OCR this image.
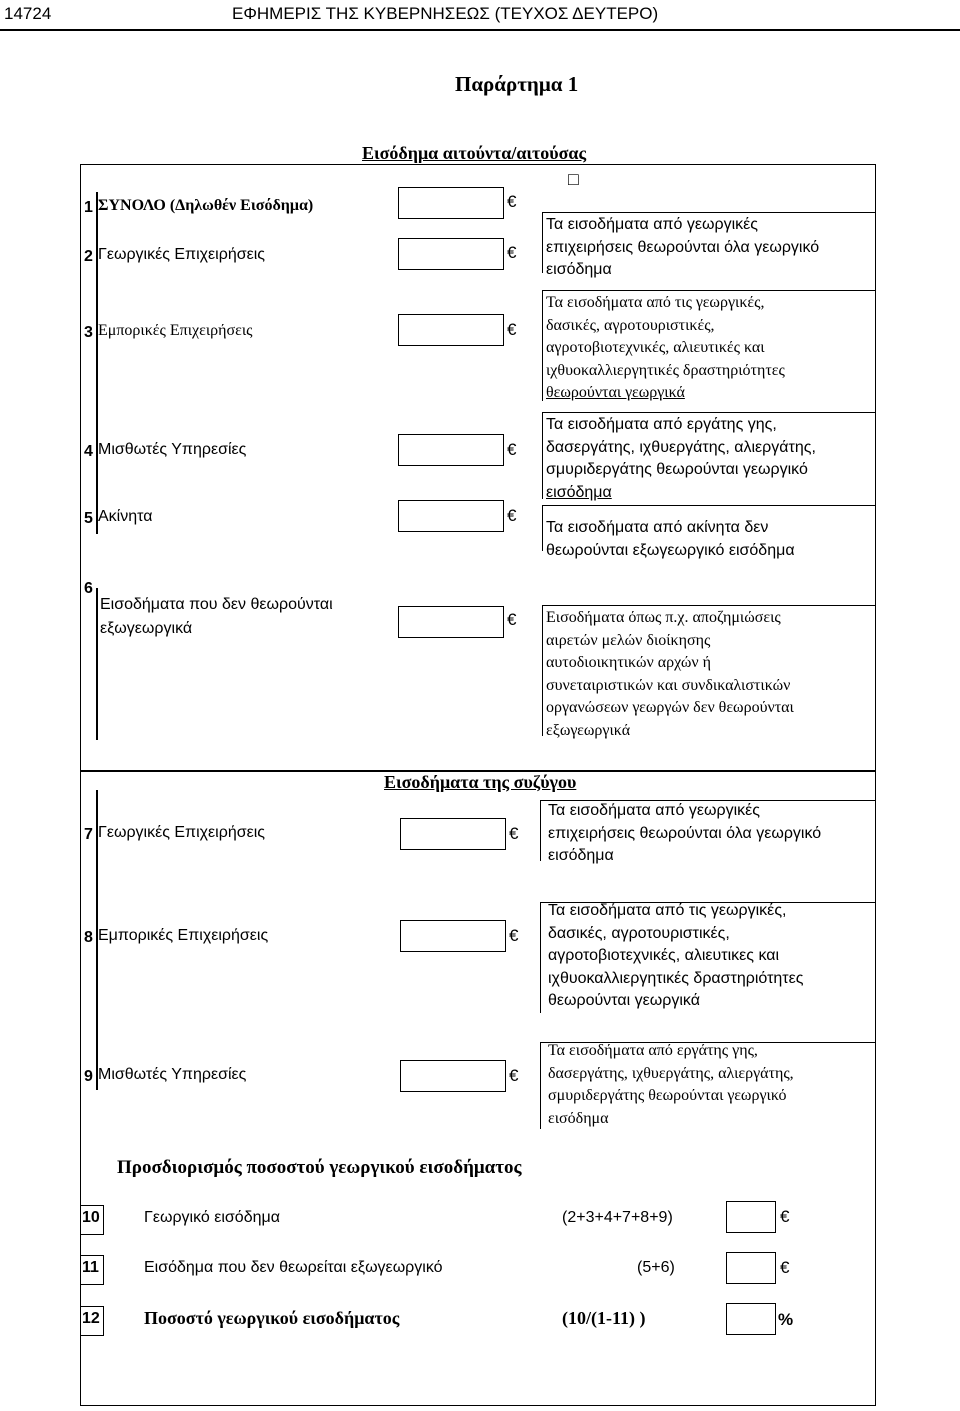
14724	ΕΦΗΜΕΡΙΣ ΤΗΣ ΚΥΒΕΡΝΗΣΕΩΣ (ΤΕΥΧΟΣ ΔΕΥΤΕΡΟ)
Παράρτημα 1
Εισόδημα αιτούντα/αιτούσας
□
1 ΣΥΝΟΛΟ (Δηλωθέν Εισόδημα)	€
2 Γεωργικές Επιχειρήσεις	€
3 Εμπορικές Επιχειρήσεις	€
4 Μισθωτές Υπηρεσίες	€
5 Ακίνητα	€
6
Εισοδήματα που δεν θεωρούνται
εξωγεωργικά	€
Τα εισοδήματα από γεωργικές
επιχειρήσεις θεωρούνται όλα γεωργικό
εισόδημα
Τα εισοδήματα από τις γεωργικές,
δασικές, αγροτουριστικές,
αγροτοβιοτεχνικές, αλιευτικές και
ιχθυοκαλλιεργητικές δραστηριότητες
θεωρούνται γεωργικά
Τα εισοδήματα από εργάτης γης,
δασεργάτης, ιχθυεργάτης, αλιεργάτης,
σμυριδεργάτης θεωρούνται γεωργικό
εισόδημα
Τα εισοδήματα από ακίνητα δεν
θεωρούνται εξωγεωργικό εισόδημα
Εισοδήματα όπως π.χ. αποζημιώσεις
αιρετών μελών διοίκησης
αυτοδιοικητικών αρχών ή
συνεταιριστικών και συνδικαλιστικών
οργανώσεων γεωργών δεν θεωρούνται
εξωγεωργικά
Εισοδήματα της συζύγου
7 Γεωργικές Επιχειρήσεις	€
8 Εμπορικές Επιχειρήσεις	€
9 Μισθωτές Υπηρεσίες	€
Τα εισοδήματα από γεωργικές
επιχειρήσεις θεωρούνται όλα γεωργικό
εισόδημα
Τα εισοδήματα από τις γεωργικές,
δασικές, αγροτουριστικές,
αγροτοβιοτεχνικές, αλιευτικες και
ιχθυοκαλλιεργητικές δραστηριότητες
θεωρούνται γεωργικά
Τα εισοδήματα από εργάτης γης,
δασεργάτης, ιχθυεργάτης, αλιεργάτης,
σμυριδεργάτης θεωρούνται γεωργικό
εισόδημα
Προσδιορισμός ποσοστού γεωργικού εισοδήματος
10	Γεωργικό εισόδημα	(2+3+4+7+8+9)	€
11	Εισόδημα που δεν θεωρείται εξωγεωργικό	(5+6)	€
12 Ποσοστό γεωργικού εισοδήματος	(10/(1-11) )	%
